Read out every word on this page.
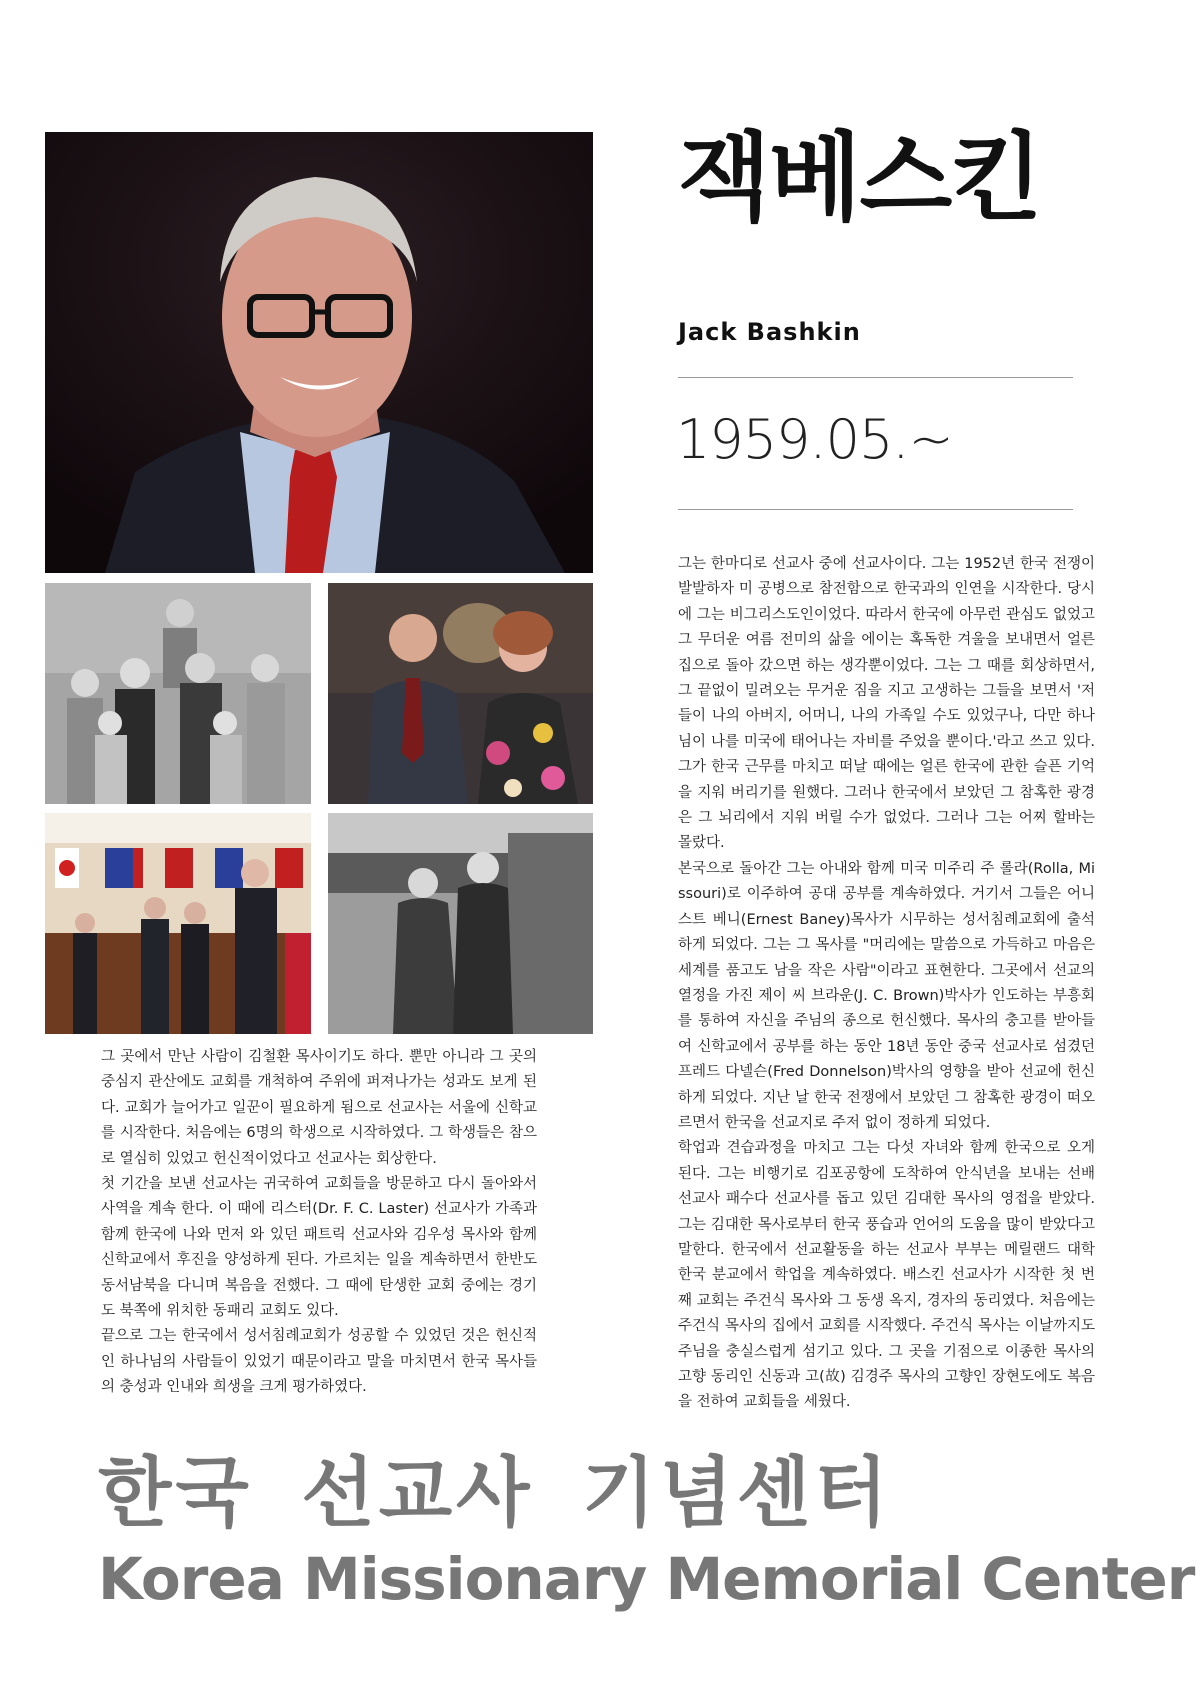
잭베스킨
Jack Bashkin
1959.05.~

그는 한마디로 선교사 중에 선교사이다. 그는 1952년 한국 전쟁이 발발하자 미 공병으로 참전함으로 한국과의 인연을 시작한다. 당시에 그는 비그리스도인이었다. 따라서 한국에 아무런 관심도 없었고 그 무더운 여름 전미의 삶을 에이는 혹독한 겨울을 보내면서 얼른 집으로 돌아 갔으면 하는 생각뿐이었다. 그는 그 때를 회상하면서, 그 끝없이 밀려오는 무거운 짐을 지고 고생하는 그들을 보면서 '저들이 나의 아버지, 어머니, 나의 가족일 수도 있었구나, 다만 하나님이 나를 미국에 태어나는 자비를 주었을 뿐이다.'라고 쓰고 있다. 그가 한국 근무를 마치고 떠날 때에는 얼른 한국에 관한 슬픈 기억을 지워 버리기를 원했다. 그러나 한국에서 보았던 그 참혹한 광경은 그 뇌리에서 지워 버릴 수가 없었다. 그러나 그는 어찌 할바는 몰랐다.

본국으로 돌아간 그는 아내와 함께 미국 미주리 주 롤라(Rolla, Missouri)로 이주하여 공대 공부를 계속하였다. 거기서 그들은 어니스트 베니(Ernest Baney)목사가 시무하는 성서침례교회에 출석하게 되었다. 그는 그 목사를 "머리에는 말씀으로 가득하고 마음은 세계를 품고도 남을 작은 사람"이라고 표현한다. 그곳에서 선교의 열정을 가진 제이 씨 브라운(J. C. Brown)박사가 인도하는 부흥회를 통하여 자신을 주님의 종으로 헌신했다. 목사의 충고를 받아들여 신학교에서 공부를 하는 동안 18년 동안 중국 선교사로 섬겼던 프레드 다넬슨(Fred Donnelson)박사의 영향을 받아 선교에 헌신하게 되었다. 지난 날 한국 전쟁에서 보았던 그 참혹한 광경이 떠오르면서 한국을 선교지로 주저 없이 정하게 되었다.

학업과 견습과정을 마치고 그는 다섯 자녀와 함께 한국으로 오게 된다. 그는 비행기로 김포공항에 도착하여 안식년을 보내는 선배 선교사 패수다 선교사를 돕고 있던 김대한 목사의 영접을 받았다. 그는 김대한 목사로부터 한국 풍습과 언어의 도움을 많이 받았다고 말한다. 한국에서 선교활동을 하는 선교사 부부는 메릴랜드 대학 한국 분교에서 학업을 계속하였다. 배스킨 선교사가 시작한 첫 번째 교회는 주건식 목사와 그 동생 옥지, 경자의 동리였다. 처음에는 주건식 목사의 집에서 교회를 시작했다. 주건식 목사는 이날까지도 주님을 충실스럽게 섬기고 있다. 그 곳을 기점으로 이종한 목사의 고향 동리인 신동과 고(故) 김경주 목사의 고향인 장현도에도 복음을 전하여 교회들을 세웠다.

그 곳에서 만난 사람이 김철환 목사이기도 하다. 뿐만 아니라 그 곳의 중심지 관산에도 교회를 개척하여 주위에 퍼져나가는 성과도 보게 된다. 교회가 늘어가고 일꾼이 필요하게 됨으로 선교사는 서울에 신학교를 시작한다. 처음에는 6명의 학생으로 시작하였다. 그 학생들은 참으로 열심히 있었고 헌신적이었다고 선교사는 회상한다.

첫 기간을 보낸 선교사는 귀국하여 교회들을 방문하고 다시 돌아와서 사역을 계속 한다. 이 때에 리스터(Dr. F. C. Laster) 선교사가 가족과 함께 한국에 나와 먼저 와 있던 패트릭 선교사와 김우성 목사와 함께 신학교에서 후진을 양성하게 된다. 가르치는 일을 계속하면서 한반도 동서남북을 다니며 복음을 전했다. 그 때에 탄생한 교회 중에는 경기도 북쪽에 위치한 동패리 교회도 있다.

끝으로 그는 한국에서 성서침례교회가 성공할 수 있었던 것은 헌신적인 하나님의 사람들이 있었기 때문이라고 말을 마치면서 한국 목사들의 충성과 인내와 희생을 크게 평가하였다.

한국 선교사 기념센터
Korea Missionary Memorial Center
